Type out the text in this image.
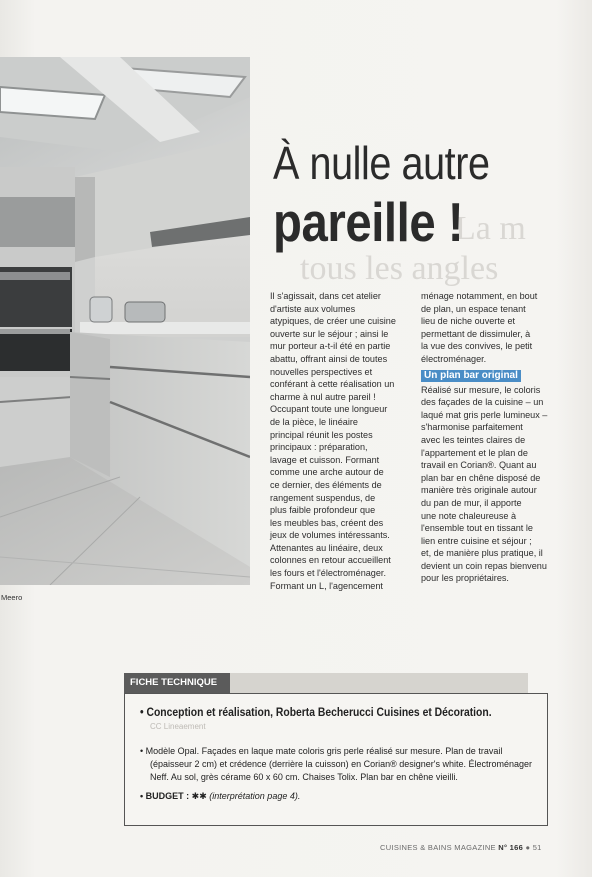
La m
tous les angles
Meero
À nulle autre
pareille !
Il s'agissait, dans cet atelier
d'artiste aux volumes
atypiques, de créer une cuisine
ouverte sur le séjour ; ainsi le
mur porteur a-t-il été en partie
abattu, offrant ainsi de toutes
nouvelles perspectives et
conférant à cette réalisation un
charme à nul autre pareil !
Occupant toute une longueur
de la pièce, le linéaire
principal réunit les postes
principaux : préparation,
lavage et cuisson. Formant
comme une arche autour de
ce dernier, des éléments de
rangement suspendus, de
plus faible profondeur que
les meubles bas, créent des
jeux de volumes intéressants.
Attenantes au linéaire, deux
colonnes en retour accueillent
les fours et l'électroménager.
Formant un L, l'agencement
ménage notamment, en bout
de plan, un espace tenant
lieu de niche ouverte et
permettant de dissimuler, à
la vue des convives, le petit
électroménager.
Un plan bar original
Réalisé sur mesure, le coloris
des façades de la cuisine – un
laqué mat gris perle lumineux –
s'harmonise parfaitement
avec les teintes claires de
l'appartement et le plan de
travail en Corian®. Quant au
plan bar en chêne disposé de
manière très originale autour
du pan de mur, il apporte
une note chaleureuse à
l'ensemble tout en tissant le
lien entre cuisine et séjour ;
et, de manière plus pratique, il
devient un coin repas bienvenu
pour les propriétaires.
FICHE TECHNIQUE
• Conception et réalisation, Roberta Becherucci Cuisines et Décoration.
CC Lineaement
• Modèle Opal. Façades en laque mate coloris gris perle réalisé sur mesure. Plan de travail
(épaisseur 2 cm) et crédence (derrière la cuisson) en Corian® designer's white. Électroménager
Neff. Au sol, grès cérame 60 x 60 cm. Chaises Tolix. Plan bar en chêne vieilli.
• BUDGET : ✱✱ (interprétation page 4).
CUISINES & BAINS MAGAZINE N° 166 ● 51
